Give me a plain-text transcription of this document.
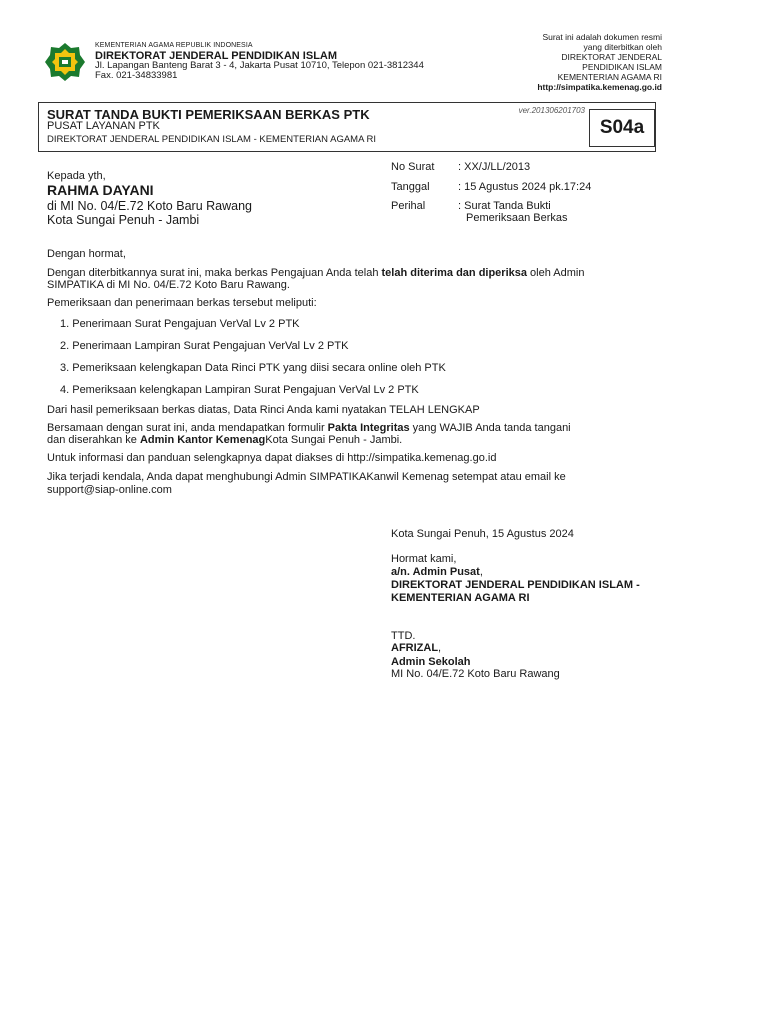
KEMENTERIAN AGAMA REPUBLIK INDONESIA
DIREKTORAT JENDERAL PENDIDIKAN ISLAM
Jl. Lapangan Banteng Barat 3 - 4, Jakarta Pusat 10710, Telepon 021-3812344
Fax. 021-34833981
Surat ini adalah dokumen resmi
yang diterbitkan oleh
DIREKTORAT JENDERAL
PENDIDIKAN ISLAM
KEMENTERIAN AGAMA RI
http://simpatika.kemenag.go.id
SURAT TANDA BUKTI PEMERIKSAAN BERKAS PTK
PUSAT LAYANAN PTK
DIREKTORAT JENDERAL PENDIDIKAN ISLAM - KEMENTERIAN AGAMA RI
ver.201306201703
S04a
Kepada yth,
RAHMA DAYANI
di MI No. 04/E.72 Koto Baru Rawang
Kota Sungai Penuh - Jambi
No Surat : XX/J/LL/2013
Tanggal	: 15 Agustus 2024 pk.17:24
Perihal	: Surat Tanda Bukti
Pemeriksaan Berkas
Dengan hormat,
Dengan diterbitkannya surat ini, maka berkas Pengajuan Anda telah telah diterima dan diperiksa oleh Admin
SIMPATIKA di MI No. 04/E.72 Koto Baru Rawang.
Pemeriksaan dan penerimaan berkas tersebut meliputi:
1. Penerimaan Surat Pengajuan VerVal Lv 2 PTK
2. Penerimaan Lampiran Surat Pengajuan VerVal Lv 2 PTK
3. Pemeriksaan kelengkapan Data Rinci PTK yang diisi secara online oleh PTK
4. Pemeriksaan kelengkapan Lampiran Surat Pengajuan VerVal Lv 2 PTK
Dari hasil pemeriksaan berkas diatas, Data Rinci Anda kami nyatakan TELAH LENGKAP
Bersamaan dengan surat ini, anda mendapatkan formulir Pakta Integritas yang WAJIB Anda tanda tangani
dan diserahkan ke Admin Kantor KemenagKota Sungai Penuh - Jambi.
Untuk informasi dan panduan selengkapnya dapat diakses di http://simpatika.kemenag.go.id
Jika terjadi kendala, Anda dapat menghubungi Admin SIMPATIKAKanwil Kemenag setempat atau email ke
support@siap-online.com
Kota Sungai Penuh, 15 Agustus 2024
Hormat kami,
a/n. Admin Pusat,
DIREKTORAT JENDERAL PENDIDIKAN ISLAM -
KEMENTERIAN AGAMA RI
TTD.
AFRIZAL,
Admin Sekolah
MI No. 04/E.72 Koto Baru Rawang
